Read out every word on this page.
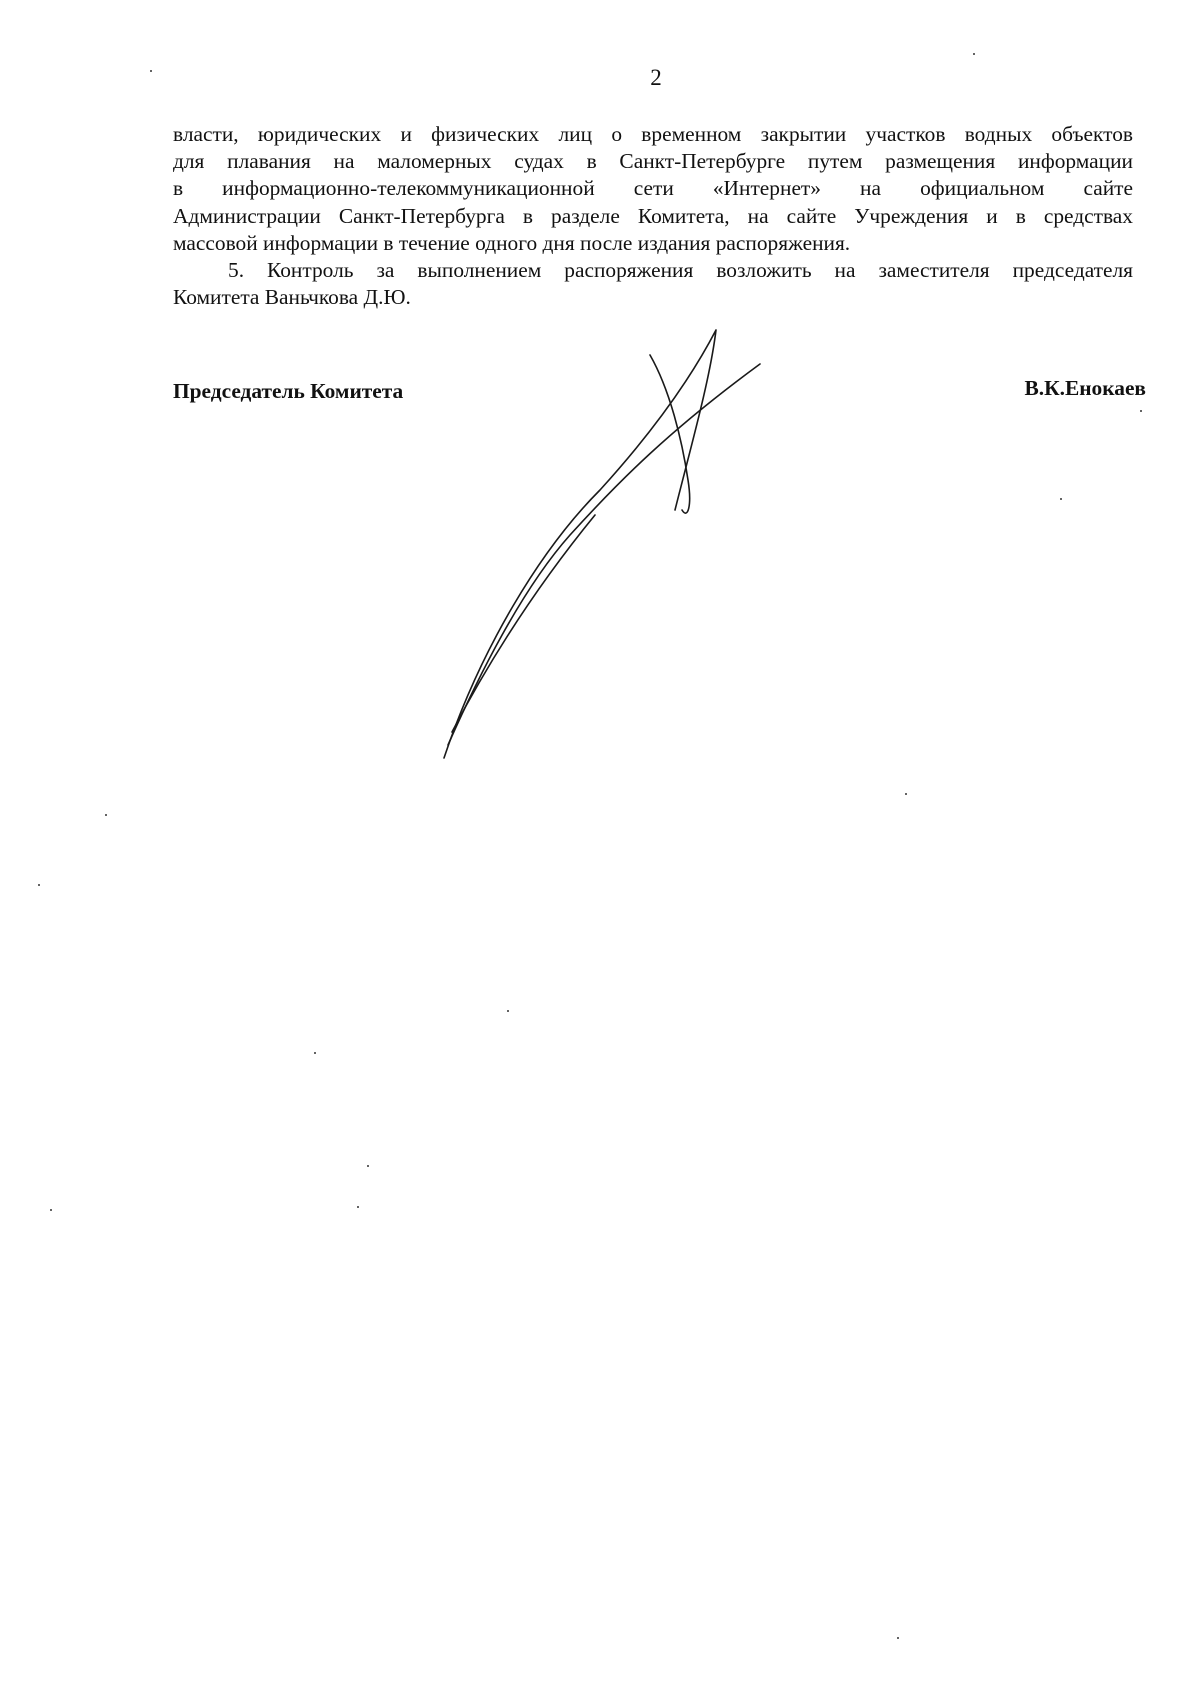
2

власти, юридических и физических лиц о временном закрытии участков водных объектов
для плавания на маломерных судах в Санкт-Петербурге путем размещения информации
в информационно-телекоммуникационной сети «Интернет» на официальном сайте
Администрации Санкт-Петербурга в разделе Комитета, на сайте Учреждения и в средствах
массовой информации в течение одного дня после издания распоряжения.

5. Контроль за выполнением распоряжения возложить на заместителя председателя
Комитета Ваньчкова Д.Ю.

Председатель Комитета	В.К.Енокаев
